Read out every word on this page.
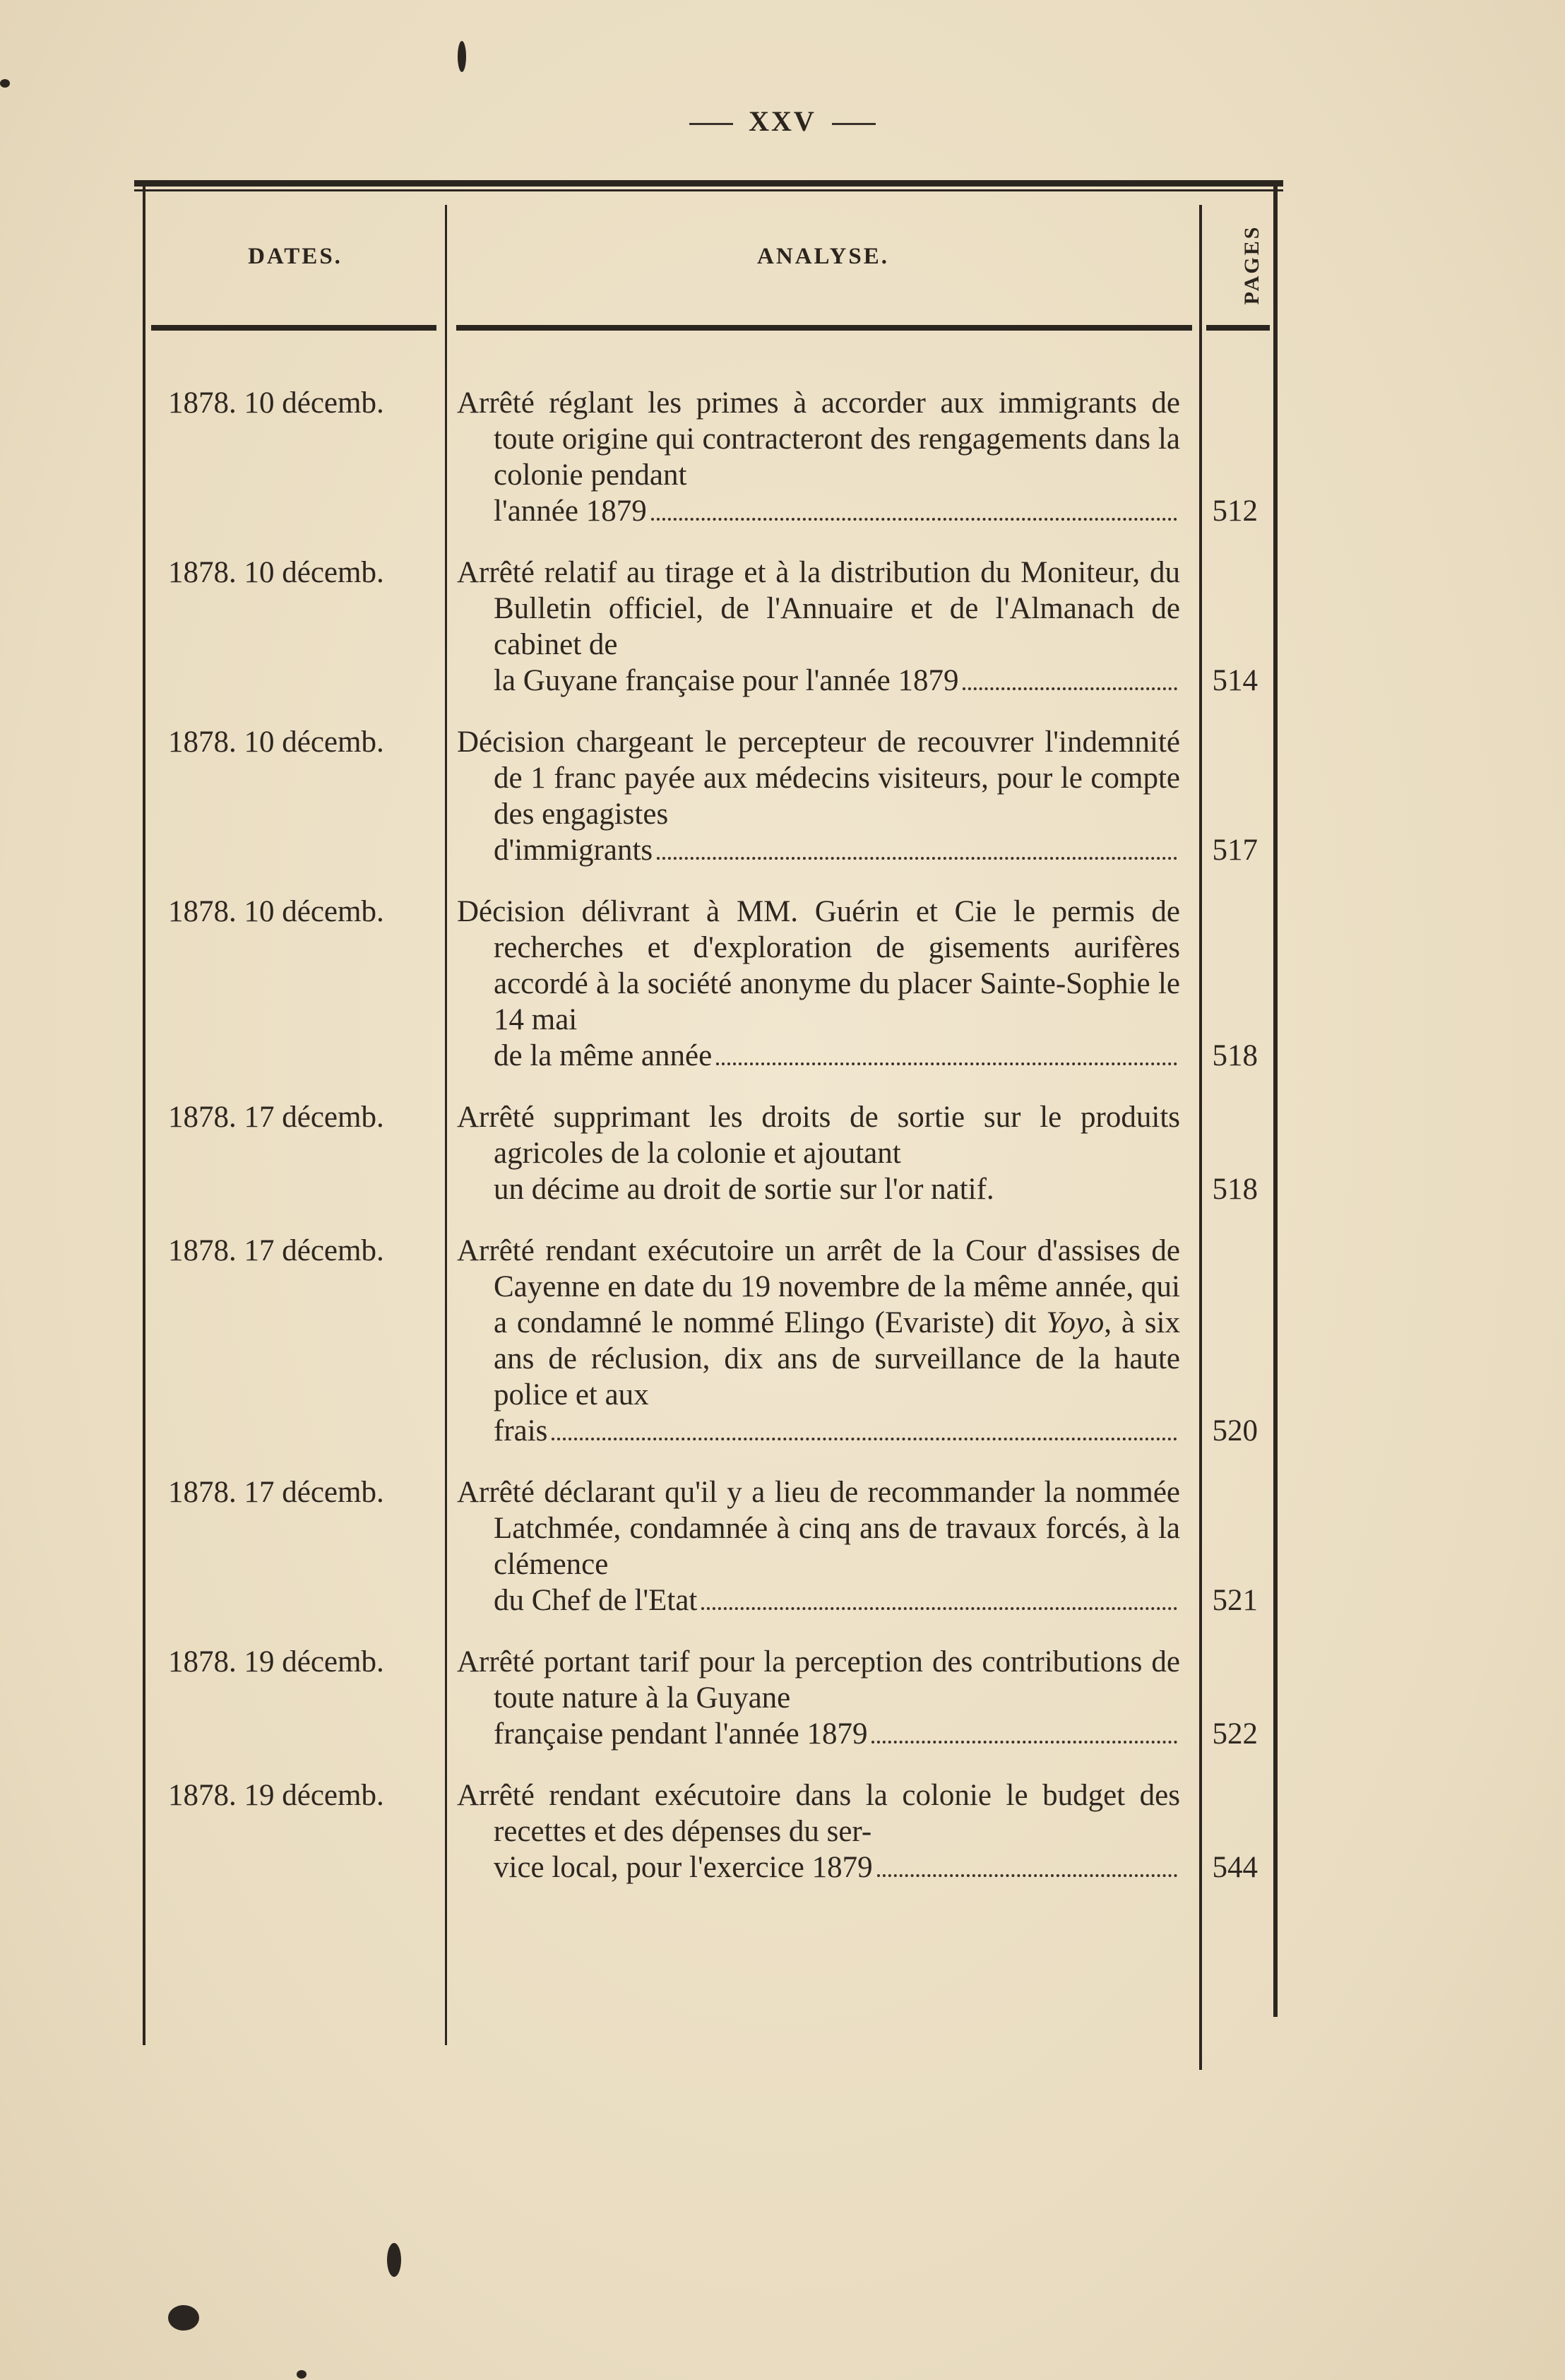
XXV
DATES.	ANALYSE.	PAGES
1878. 10 décemb.	Arrêté réglant les primes à accorder aux immigrants de toute origine qui contracteront des rengagements dans la colonie pendant
l'année 1879	512
1878. 10 décemb.	Arrêté relatif au tirage et à la distribution du Moniteur, du Bulletin officiel, de l'Annuaire et de l'Almanach de cabinet de
la Guyane française pour l'année 1879	514
1878. 10 décemb.	Décision chargeant le percepteur de recouvrer l'indemnité de 1 franc payée aux médecins visiteurs, pour le compte des engagistes
d'immigrants	517
1878. 10 décemb.	Décision délivrant à MM. Guérin et Cie le permis de recherches et d'exploration de gisements aurifères accordé à la société anonyme du placer Sainte-Sophie le 14 mai
de la même année	518
1878. 17 décemb.	Arrêté supprimant les droits de sortie sur le produits agricoles de la colonie et ajoutant
un décime au droit de sortie sur l'or natif.	518
1878. 17 décemb.	Arrêté rendant exécutoire un arrêt de la Cour d'assises de Cayenne en date du 19 novembre de la même année, qui a condamné le nommé Elingo (Evariste) dit Yoyo, à six ans de réclusion, dix ans de surveillance de la haute police et aux
frais	520
1878. 17 décemb.	Arrêté déclarant qu'il y a lieu de recommander la nommée Latchmée, condamnée à cinq ans de travaux forcés, à la clémence
du Chef de l'Etat	521
1878. 19 décemb.	Arrêté portant tarif pour la perception des contributions de toute nature à la Guyane
française pendant l'année 1879	522
1878. 19 décemb.	Arrêté rendant exécutoire dans la colonie le budget des recettes et des dépenses du ser-
vice local, pour l'exercice 1879	544
